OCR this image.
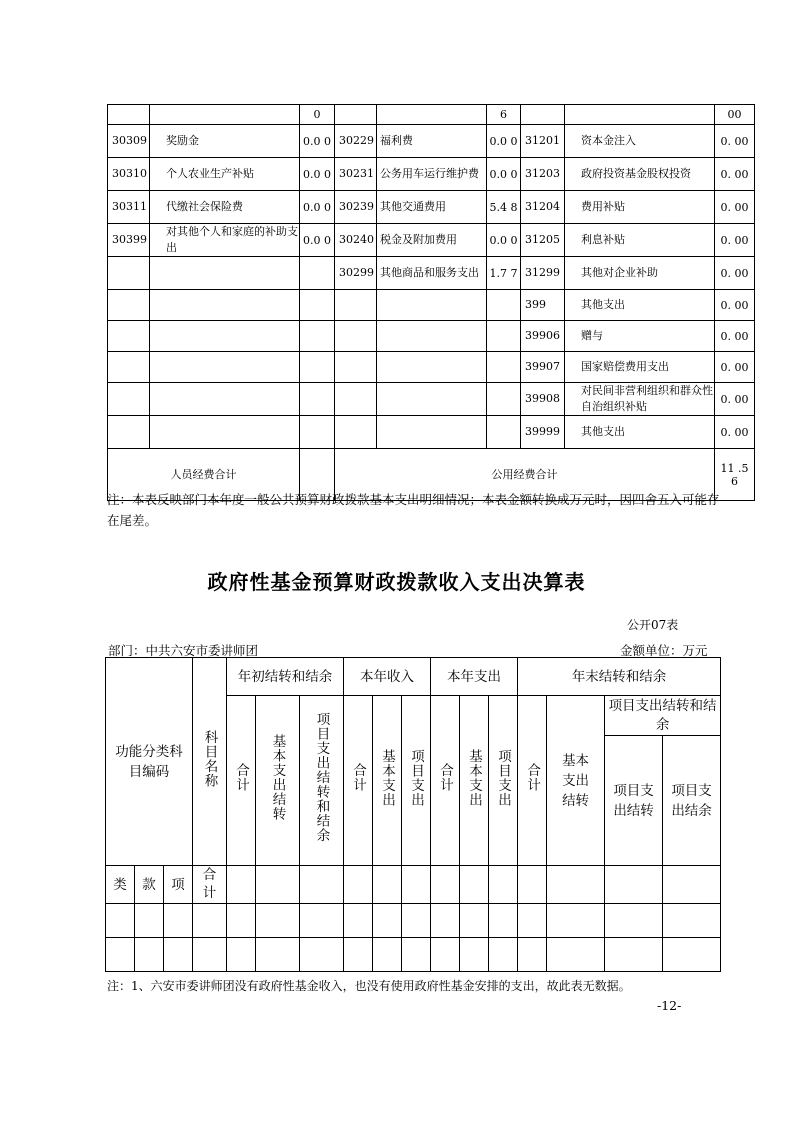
		0			6			00
30309	奖励金	0.0 0	30229	福利费	0.0 0	31201	资本金注入	0. 00
30310	个人农业生产补贴	0.0 0	30231	公务用车运行维护费	0.0 0	31203	政府投资基金股权投资	0. 00
30311	代缴社会保险费	0.0 0	30239	其他交通费用	5.4 8	31204	费用补贴	0. 00
30399	对其他个人和家庭的补助支出	0.0 0	30240	税金及附加费用	0.0 0	31205	利息补贴	0. 00
			30299	其他商品和服务支出	1.7 7	31299	其他对企业补助	0. 00
						399	其他支出	0. 00
						39906	赠与	0. 00
						39907	国家赔偿费用支出	0. 00
						39908	对民间非营利组织和群众性自治组织补贴	0. 00
						39999	其他支出	0. 00
人员经费合计			公用经费合计					11 .5 6
注：本表反映部门本年度一般公共预算财政拨款基本支出明细情况；本表金额转换成万元时，因四舍五入可能存在尾差。
政府性基金预算财政拨款收入支出决算表
公开07表
部门：中共六安市委讲师团	金额单位：万元
功能分类科目编码			科目名称	年初结转和结余			本年收入			本年支出			年末结转和结余			
				合计	基本支出结转	项目支出结转和结余	合计	基本支出	项目支出	合计	基本支出	项目支出	合计	基本支出结转	项目支出结转和结余	
															项目支出结转	项目支出结余
类	款	项	合计													

注：1、六安市委讲师团没有政府性基金收入，也没有使用政府性基金安排的支出，故此表无数据。
-12-
